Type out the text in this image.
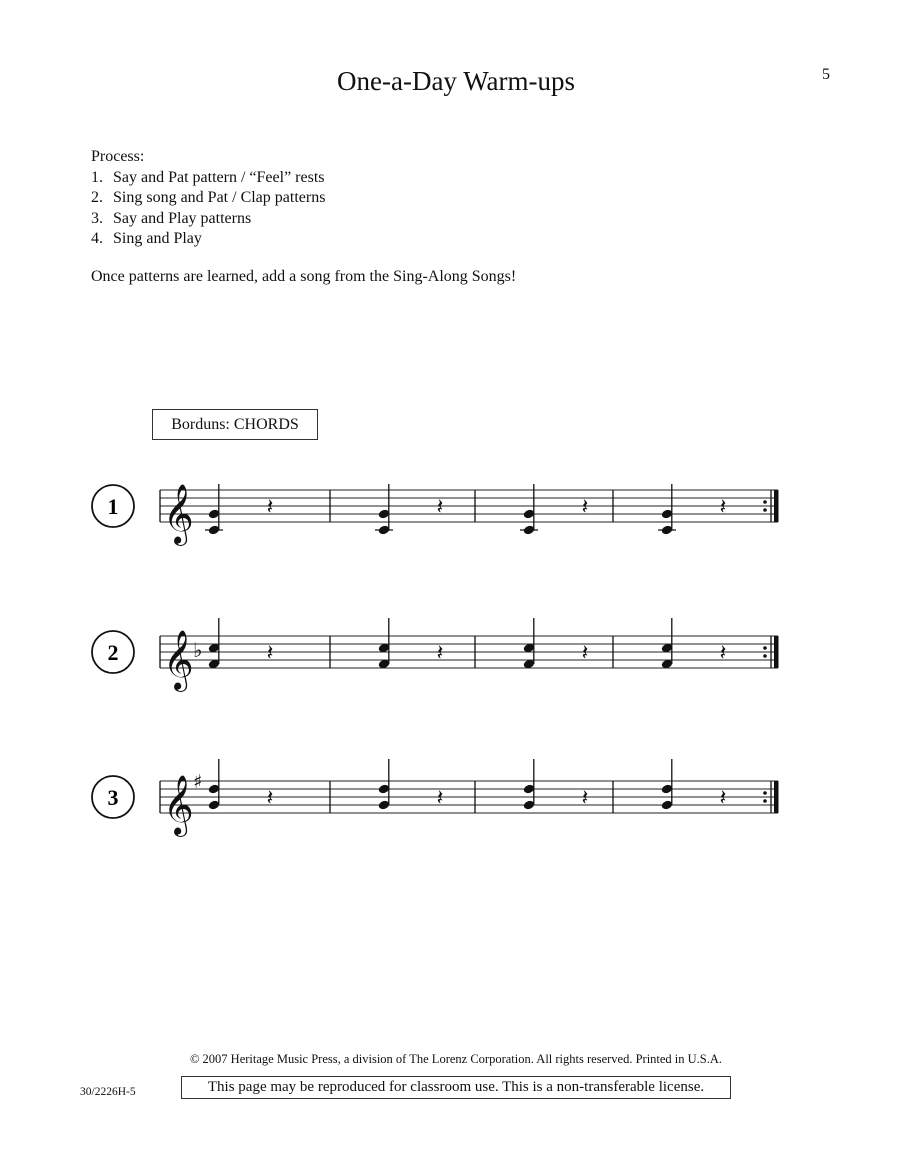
One-a-Day Warm-ups	5
Process:
1. Say and Pat pattern / “Feel” rests
2. Sing song and Pat / Clap patterns
3. Say and Play patterns
4. Sing and Play
Once patterns are learned, add a song from the Sing-Along Songs!
Borduns: CHORDS
1 𝄞	𝄽	𝄽	𝄽	𝄽
2 𝄞 ♭	𝄽	𝄽	𝄽	𝄽
3 𝄞 ♯
𝄽	𝄽	𝄽	𝄽
© 2007 Heritage Music Press, a division of The Lorenz Corporation. All rights reserved. Printed in U.S.A.
This page may be reproduced for classroom use. This is a non-transferable license.
30/2226H-5
